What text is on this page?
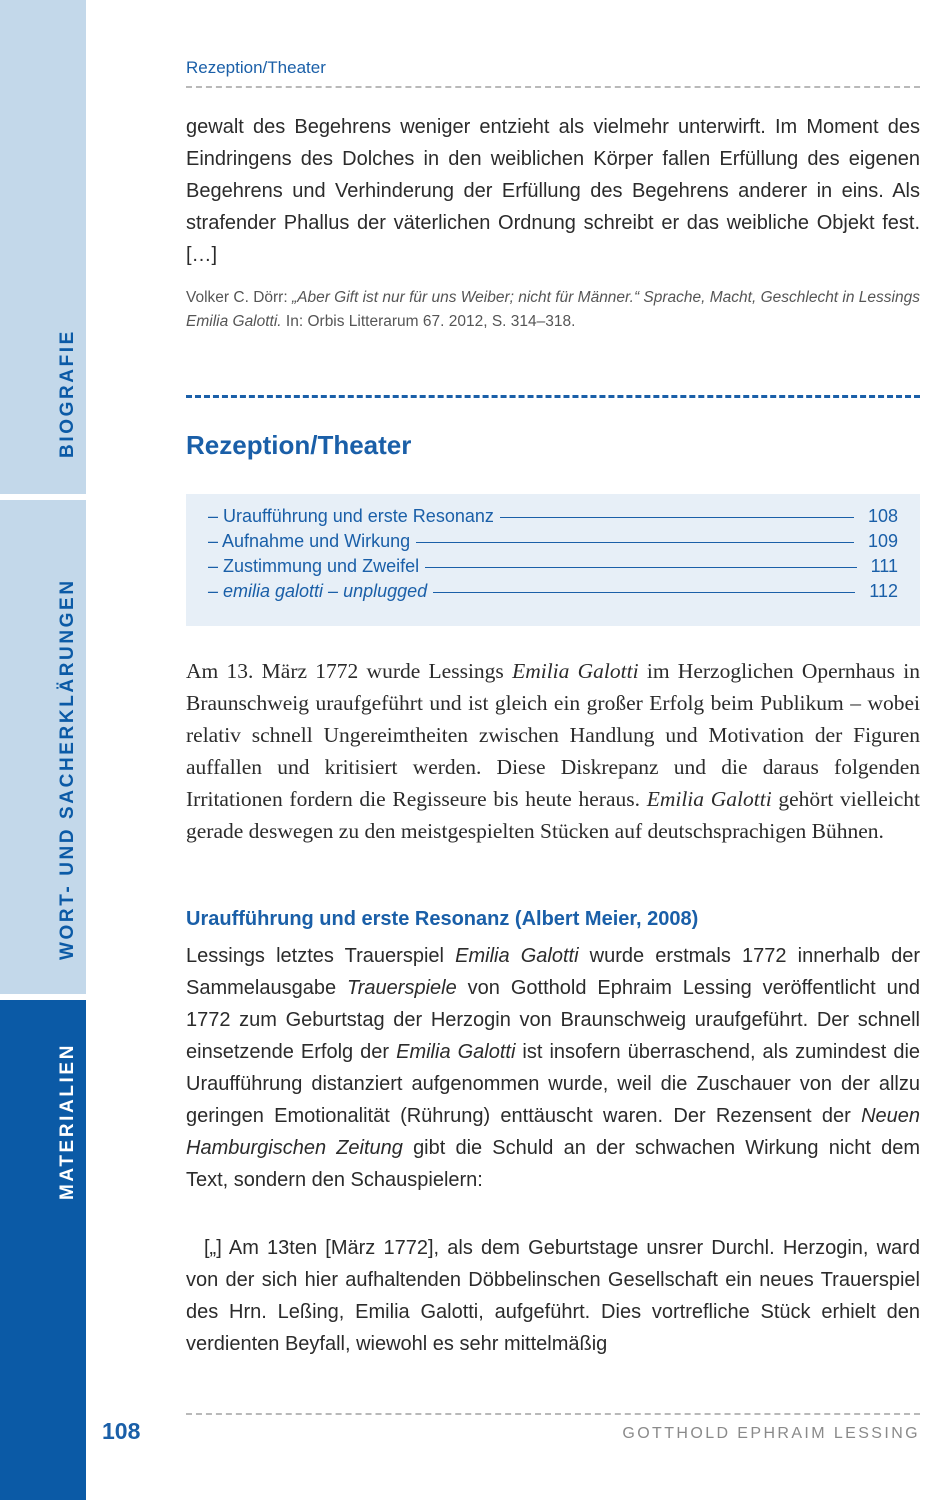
BIOGRAFIE
WORT- UND SACHERKLÄRUNGEN
MATERIALIEN
Rezeption/Theater

gewalt des Begehrens weniger entzieht als vielmehr unterwirft. Im Moment des Eindringens des Dolches in den weiblichen Körper fallen Erfüllung des eigenen Begehrens und Verhinderung der Erfüllung des Begehrens anderer in eins. Als strafender Phallus der väterlichen Ordnung schreibt er das weibliche Objekt fest. […]

Volker C. Dörr: „Aber Gift ist nur für uns Weiber; nicht für Männer.“ Sprache, Macht, Geschlecht in Lessings Emilia Galotti. In: Orbis Litterarum 67. 2012, S. 314–318.
Rezeption/Theater
– Uraufführung und erste Resonanz	108
– Aufnahme und Wirkung	109
– Zustimmung und Zweifel	111
– emilia galotti – unplugged	112

Am 13. März 1772 wurde Lessings Emilia Galotti im Herzoglichen Opernhaus in Braunschweig uraufgeführt und ist gleich ein großer Erfolg beim Publikum – wobei relativ schnell Ungereimtheiten zwischen Handlung und Motivation der Figuren auffallen und kritisiert werden. Diese Diskrepanz und die daraus folgenden Irritationen fordern die Regisseure bis heute heraus. Emilia Galotti gehört vielleicht gerade deswegen zu den meistgespielten Stücken auf deutschsprachigen Bühnen.

Uraufführung und erste Resonanz (Albert Meier, 2008)

Lessings letztes Trauerspiel Emilia Galotti wurde erstmals 1772 innerhalb der Sammelausgabe Trauerspiele von Gotthold Ephraim Lessing veröffentlicht und 1772 zum Geburtstag der Herzogin von Braunschweig uraufgeführt. Der schnell einsetzende Erfolg der Emilia Galotti ist insofern überraschend, als zumindest die Uraufführung distanziert aufgenommen wurde, weil die Zuschauer von der allzu geringen Emotionalität (Rührung) enttäuscht waren. Der Rezensent der Neuen Hamburgischen Zeitung gibt die Schuld an der schwachen Wirkung nicht dem Text, sondern den Schauspielern:

[„] Am 13ten [März 1772], als dem Geburtstage unsrer Durchl. Herzogin, ward von der sich hier aufhaltenden Döbbelinschen Gesellschaft ein neues Trauerspiel des Hrn. Leßing, Emilia Galotti, aufgeführt. Dies vortrefliche Stück erhielt den verdienten Beyfall, wiewohl es sehr mittelmäßig

108	GOTTHOLD EPHRAIM LESSING
